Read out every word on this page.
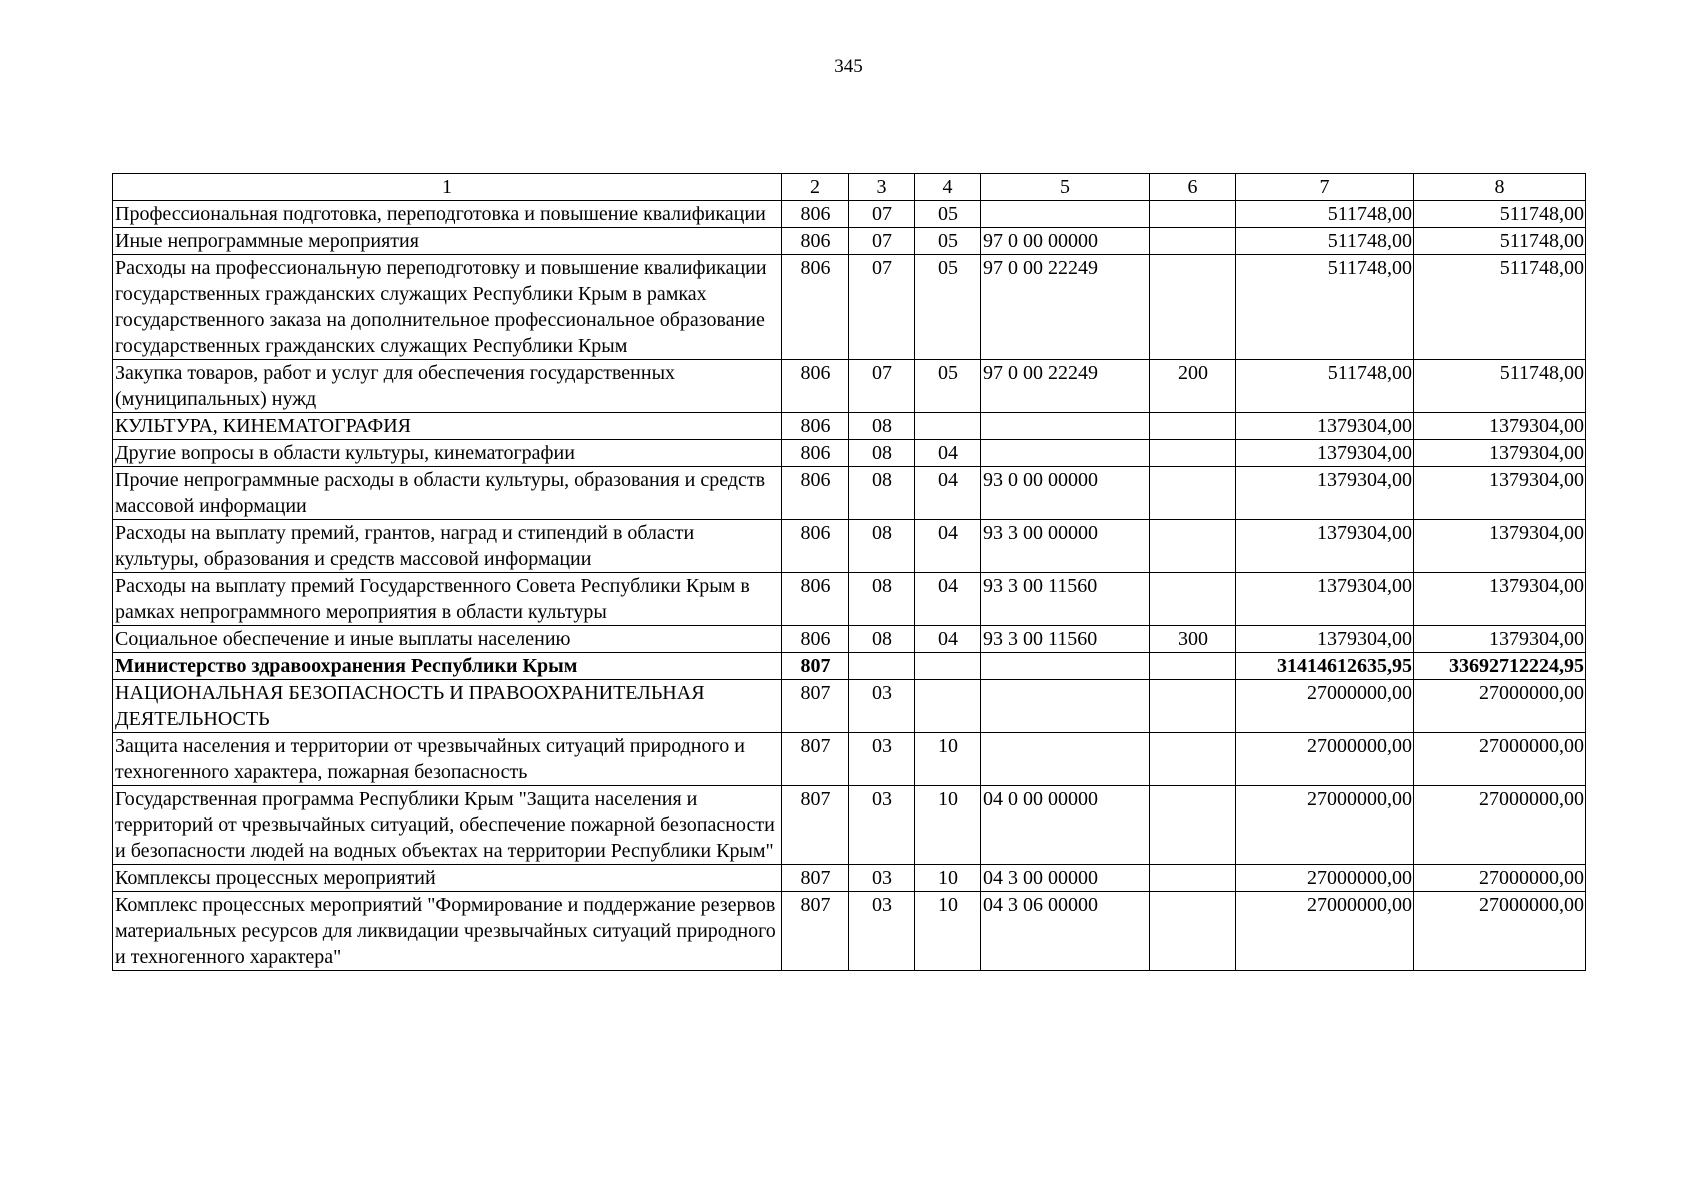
345
1	2	3	4	5	6	7	8
Профессиональная подготовка, переподготовка и повышение квалификации	806	07	05			511748,00	511748,00
Иные непрограммные мероприятия	806	07	05	97 0 00 00000		511748,00	511748,00
Расходы на профессиональную переподготовку и повышение квалификации государственных гражданских служащих Республики Крым в рамках государственного заказа на дополнительное профессиональное образование государственных гражданских служащих Республики Крым	806	07	05	97 0 00 22249		511748,00	511748,00
Закупка товаров, работ и услуг для обеспечения государственных (муниципальных) нужд	806	07	05	97 0 00 22249	200	511748,00	511748,00
КУЛЬТУРА, КИНЕМАТОГРАФИЯ	806	08				1379304,00	1379304,00
Другие вопросы в области культуры, кинематографии	806	08	04			1379304,00	1379304,00
Прочие непрограммные расходы в области культуры, образования и средств массовой информации	806	08	04	93 0 00 00000		1379304,00	1379304,00
Расходы на выплату премий, грантов, наград и стипендий в области культуры, образования и средств массовой информации	806	08	04	93 3 00 00000		1379304,00	1379304,00
Расходы на выплату премий Государственного Совета Республики Крым в рамках непрограммного мероприятия в области культуры	806	08	04	93 3 00 11560		1379304,00	1379304,00
Социальное обеспечение и иные выплаты населению	806	08	04	93 3 00 11560	300	1379304,00	1379304,00
Министерство здравоохранения Республики Крым	807					31414612635,95	33692712224,95
НАЦИОНАЛЬНАЯ БЕЗОПАСНОСТЬ И ПРАВООХРАНИТЕЛЬНАЯ ДЕЯТЕЛЬНОСТЬ	807	03				27000000,00	27000000,00
Защита населения и территории от чрезвычайных ситуаций природного и техногенного характера, пожарная безопасность	807	03	10			27000000,00	27000000,00
Государственная программа Республики Крым "Защита населения и территорий от чрезвычайных ситуаций, обеспечение пожарной безопасности и безопасности людей на водных объектах на территории Республики Крым"	807	03	10	04 0 00 00000		27000000,00	27000000,00
Комплексы процессных мероприятий	807	03	10	04 3 00 00000		27000000,00	27000000,00
Комплекс процессных мероприятий "Формирование и поддержание резервов материальных ресурсов для ликвидации чрезвычайных ситуаций природного и техногенного характера"	807	03	10	04 3 06 00000		27000000,00	27000000,00
